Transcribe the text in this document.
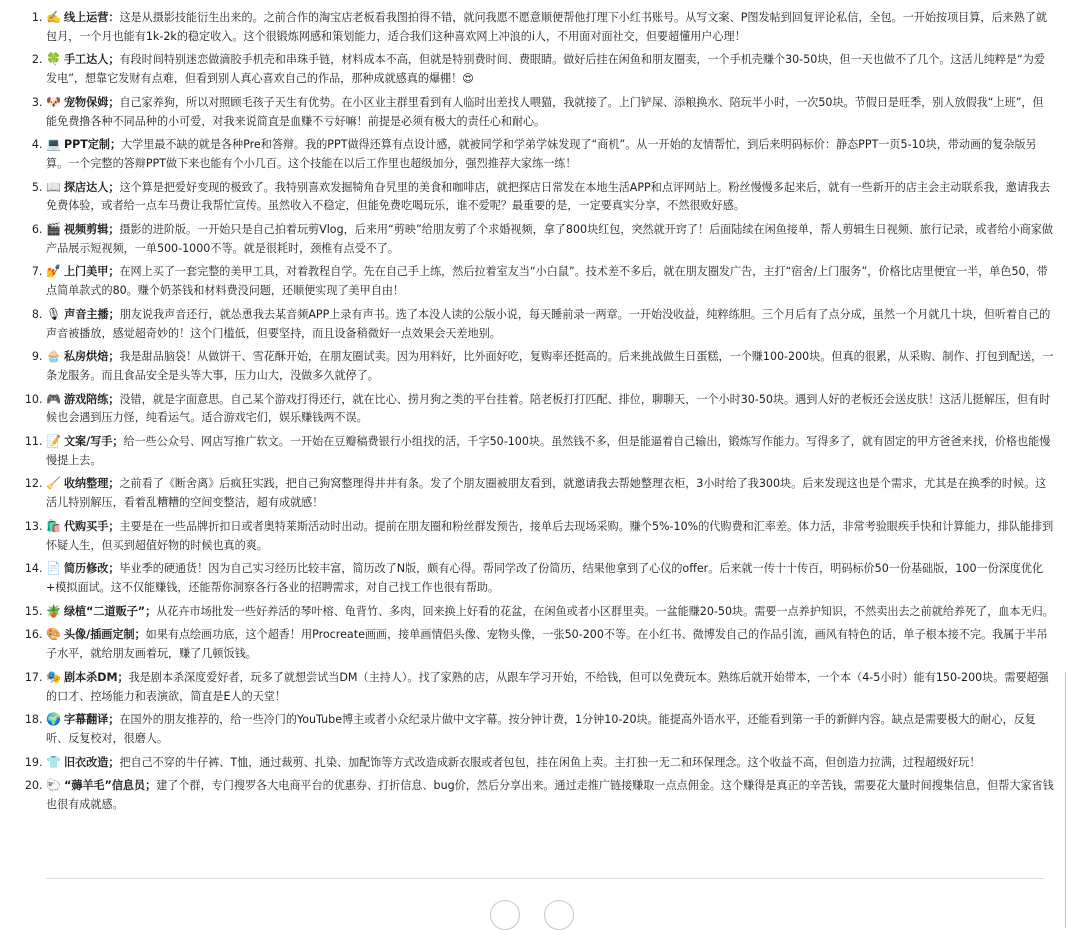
1. ✍️ 线上运营：这是从摄影技能衍生出来的。之前合作的淘宝店老板看我图拍得不错，就问我愿不愿意顺便帮他打理下小红书账号。从写文案、P图发帖到回复评论私信，全包。一开始按项目算，后来熟了就包月，一个月也能有1k-2k的稳定收入。这个很锻炼网感和策划能力，适合我们这种喜欢网上冲浪的i人，不用面对面社交，但要超懂用户心理！
2. 🍀 手工达人；有段时间特别迷恋做滴胶手机壳和串珠手链，材料成本不高，但就是特别费时间、费眼睛。做好后挂在闲鱼和朋友圈卖，一个手机壳赚个30-50块，但一天也做不了几个。这活儿纯粹是“为爱发电”，想靠它发财有点难，但看到别人真心喜欢自己的作品，那种成就感真的爆棚！😍
3. 🐶 宠物保姆；自己家养狗，所以对照顾毛孩子天生有优势。在小区业主群里看到有人临时出差找人喂猫，我就接了。上门铲屎、添粮换水、陪玩半小时，一次50块。节假日是旺季，别人放假我“上班”，但能免费撸各种不同品种的小可爱，对我来说简直是血赚不亏好嘛！前提是必须有极大的责任心和耐心。
4. 💻 PPT定制；大学里最不缺的就是各种Pre和答辩。我的PPT做得还算有点设计感，就被同学和学弟学妹发现了“商机”。从一开始的友情帮忙，到后来明码标价：静态PPT一页5-10块，带动画的复杂版另算。一个完整的答辩PPT做下来也能有个小几百。这个技能在以后工作里也超级加分，强烈推荐大家练一练！
5. 📖 探店达人；这个算是把爱好变现的极致了。我特别喜欢发掘犄角旮旯里的美食和咖啡店，就把探店日常发在本地生活APP和点评网站上。粉丝慢慢多起来后，就有一些新开的店主会主动联系我，邀请我去免费体验，或者给一点车马费让我帮忙宣传。虽然收入不稳定，但能免费吃喝玩乐，谁不爱呢？最重要的是，一定要真实分享，不然很败好感。
6. 🎬 视频剪辑；摄影的进阶版。一开始只是自己拍着玩剪Vlog，后来用“剪映”给朋友剪了个求婚视频，拿了800块红包，突然就开窍了！后面陆续在闲鱼接单，帮人剪辑生日视频、旅行记录，或者给小商家做产品展示短视频，一单500-1000不等。就是很耗时，颈椎有点受不了。
7. 💅 上门美甲；在网上买了一套完整的美甲工具，对着教程自学。先在自己手上练，然后拉着室友当“小白鼠”。技术差不多后，就在朋友圈发广告，主打“宿舍/上门服务”，价格比店里便宜一半，单色50，带点简单款式的80。赚个奶茶钱和材料费没问题，还顺便实现了美甲自由！
8. 🎙 声音主播；朋友说我声音还行，就怂恿我去某音频APP上录有声书。选了本没人读的公版小说，每天睡前录一两章。一开始没收益，纯粹练胆。三个月后有了点分成，虽然一个月就几十块，但听着自己的声音被播放，感觉超奇妙的！这个门槛低，但要坚持，而且设备稍微好一点效果会天差地别。
9. 🧁 私房烘焙；我是甜品脑袋！从做饼干、雪花酥开始，在朋友圈试卖。因为用料好，比外面好吃，复购率还挺高的。后来挑战做生日蛋糕，一个赚100-200块。但真的很累，从采购、制作、打包到配送，一条龙服务。而且食品安全是头等大事，压力山大，没做多久就停了。
10. 🎮 游戏陪练；没错，就是字面意思。自己某个游戏打得还行，就在比心、捞月狗之类的平台挂着。陪老板打打匹配、排位，聊聊天，一个小时30-50块。遇到人好的老板还会送皮肤！这活儿挺解压，但有时候也会遇到压力怪，纯看运气。适合游戏宅们，娱乐赚钱两不误。
11. 📝 文案/写手；给一些公众号、网店写推广软文。一开始在豆瓣稿费银行小组找的活，千字50-100块。虽然钱不多，但是能逼着自己输出，锻炼写作能力。写得多了，就有固定的甲方爸爸来找，价格也能慢慢提上去。
12. 🧹 收纳整理；之前看了《断舍离》后疯狂实践，把自己狗窝整理得井井有条。发了个朋友圈被朋友看到，就邀请我去帮她整理衣柜，3小时给了我300块。后来发现这也是个需求，尤其是在换季的时候。这活儿特别解压，看着乱糟糟的空间变整洁，超有成就感！
13. 🛍️ 代购买手；主要是在一些品牌折扣日或者奥特莱斯活动时出动。提前在朋友圈和粉丝群发预告，接单后去现场采购。赚个5%-10%的代购费和汇率差。体力活，非常考验眼疾手快和计算能力，排队能排到怀疑人生，但买到超值好物的时候也真的爽。
14. 📄 简历修改；毕业季的硬通货！因为自己实习经历比较丰富，简历改了N版，颇有心得。帮同学改了份简历，结果他拿到了心仪的offer。后来就一传十十传百，明码标价50一份基础版，100一份深度优化+模拟面试。这不仅能赚钱，还能帮你洞察各行各业的招聘需求，对自己找工作也很有帮助。
15. 🪴 绿植“二道贩子”；从花卉市场批发一些好养活的琴叶榕、龟背竹、多肉，回来换上好看的花盆，在闲鱼或者小区群里卖。一盆能赚20-50块。需要一点养护知识，不然卖出去之前就给养死了，血本无归。
16. 🎨 头像/插画定制；如果有点绘画功底，这个超香！用Procreate画画，接单画情侣头像、宠物头像，一张50-200不等。在小红书、微博发自己的作品引流，画风有特色的话，单子根本接不完。我属于半吊子水平，就给朋友画着玩，赚了几顿饭钱。
17. 🎭 剧本杀DM；我是剧本杀深度爱好者，玩多了就想尝试当DM（主持人）。找了家熟的店，从跟车学习开始，不给钱，但可以免费玩本。熟练后就开始带本，一个本（4-5小时）能有150-200块。需要超强的口才、控场能力和表演欲，简直是E人的天堂！
18. 🌍 字幕翻译；在国外的朋友推荐的，给一些冷门的YouTube博主或者小众纪录片做中文字幕。按分钟计费，1分钟10-20块。能提高外语水平，还能看到第一手的新鲜内容。缺点是需要极大的耐心，反复听、反复校对，很磨人。
19. 👕 旧衣改造；把自己不穿的牛仔裤、T恤，通过裁剪、扎染、加配饰等方式改造成新衣服或者包包，挂在闲鱼上卖。主打独一无二和环保理念。这个收益不高，但创造力拉满，过程超级好玩！
20. 🐑 “薅羊毛”信息员；建了个群，专门搜罗各大电商平台的优惠券、打折信息、bug价，然后分享出来。通过走推广链接赚取一点点佣金。这个赚得是真正的辛苦钱，需要花大量时间搜集信息，但帮大家省钱也很有成就感。
